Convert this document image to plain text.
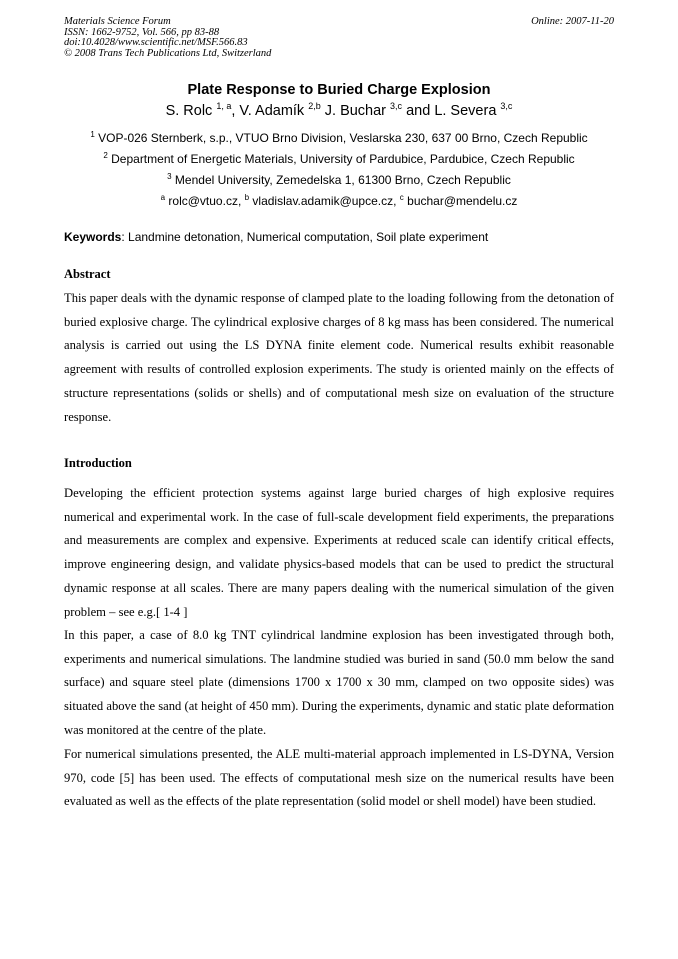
Materials Science Forum
ISSN: 1662-9752, Vol. 566, pp 83-88
doi:10.4028/www.scientific.net/MSF.566.83
© 2008 Trans Tech Publications Ltd, Switzerland
Online: 2007-11-20
Plate Response to Buried Charge Explosion
S. Rolc $^{1, a}$, V. Adamík $^{2,b}$ J. Buchar $^{3,c}$ and L. Severa $^{3,c}$
$^1$ VOP-026 Sternberk, s.p., VTUO Brno Division, Veslarska 230, 637 00 Brno, Czech Republic
$^2$ Department of Energetic Materials, University of Pardubice, Pardubice, Czech Republic
$^3$ Mendel University, Zemedelska 1, 61300 Brno, Czech Republic
$^a$ rolc@vtuo.cz, $^b$ vladislav.adamik@upce.cz, $^c$ buchar@mendelu.cz
Keywords: Landmine detonation, Numerical computation, Soil plate experiment
Abstract

This paper deals with the dynamic response of clamped plate to the loading following from the detonation of buried explosive charge. The cylindrical explosive charges of 8 kg mass has been considered. The numerical analysis is carried out using the LS DYNA finite element code. Numerical results exhibit reasonable agreement with results of controlled explosion experiments. The study is oriented mainly on the effects of structure representations (solids or shells) and of computational mesh size on evaluation of the structure response.

Introduction

Developing the efficient protection systems against large buried charges of high explosive requires numerical and experimental work. In the case of full-scale development field experiments, the preparations and measurements are complex and expensive. Experiments at reduced scale can identify critical effects, improve engineering design, and validate physics-based models that can be used to predict the structural dynamic response at all scales. There are many papers dealing with the numerical simulation of the given problem – see e.g.[ 1-4 ]

In this paper, a case of 8.0 kg TNT cylindrical landmine explosion has been investigated through both, experiments and numerical simulations. The landmine studied was buried in sand (50.0 mm below the sand surface) and square steel plate (dimensions 1700 x 1700 x 30 mm, clamped on two opposite sides) was situated above the sand (at height of 450 mm). During the experiments, dynamic and static plate deformation was monitored at the centre of the plate.

For numerical simulations presented, the ALE multi-material approach implemented in LS-DYNA, Version 970, code [5] has been used. The effects of computational mesh size on the numerical results have been evaluated as well as the effects of the plate representation (solid model or shell model) have been studied.
